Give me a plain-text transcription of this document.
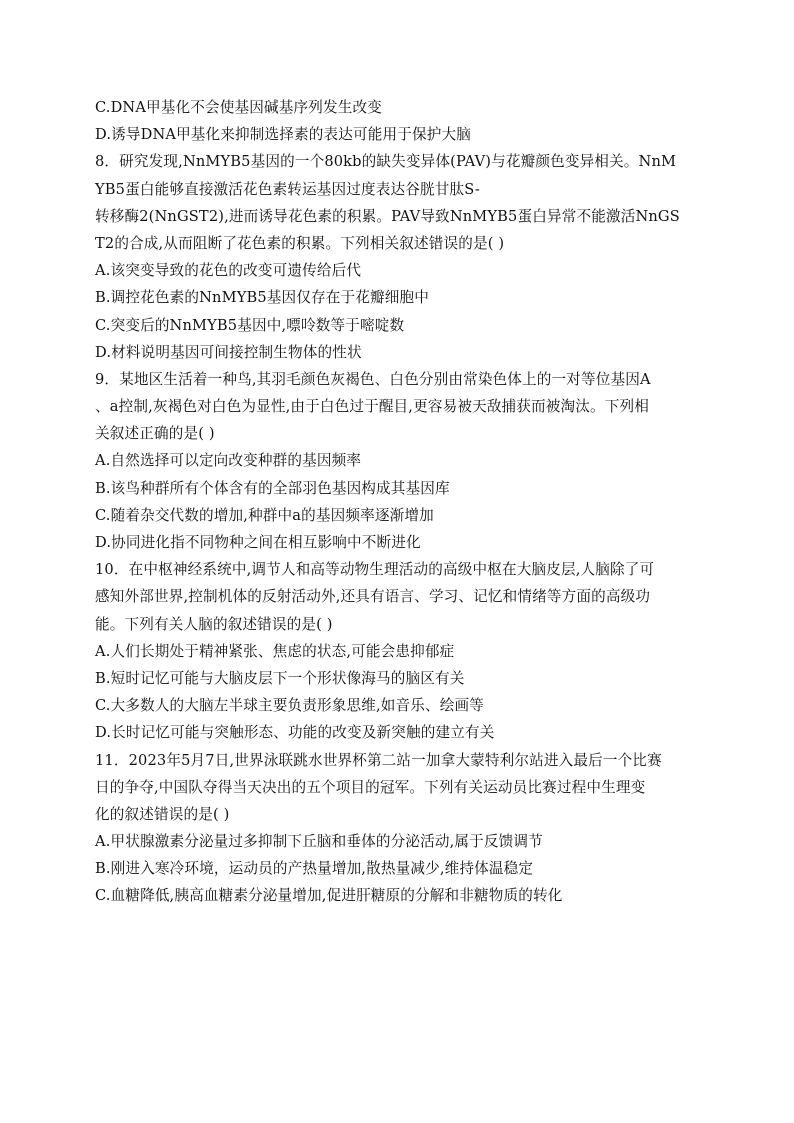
C.DNA甲基化不会使基因碱基序列发生改变
D.诱导DNA甲基化来抑制选择素的表达可能用于保护大脑
8．研究发现,NnMYB5基因的一个80kb的缺失变异体(PAV)与花瓣颜色变异相关。NnM
YB5蛋白能够直接激活花色素转运基因过度表达谷胱甘肽S-
转移酶2(NnGST2),进而诱导花色素的积累。PAV导致NnMYB5蛋白异常不能激活NnGS
T2的合成,从而阻断了花色素的积累。下列相关叙述错误的是( )
A.该突变导致的花色的改变可遗传给后代
B.调控花色素的NnMYB5基因仅存在于花瓣细胞中
C.突变后的NnMYB5基因中,嘌呤数等于嘧啶数
D.材料说明基因可间接控制生物体的性状
9．某地区生活着一种鸟,其羽毛颜色灰褐色、白色分别由常染色体上的一对等位基因A
、a控制,灰褐色对白色为显性,由于白色过于醒目,更容易被天敌捕获而被淘汰。下列相
关叙述正确的是( )
A.自然选择可以定向改变种群的基因频率
B.该鸟种群所有个体含有的全部羽色基因构成其基因库
C.随着杂交代数的增加,种群中a的基因频率逐渐增加
D.协同进化指不同物种之间在相互影响中不断进化
10．在中枢神经系统中,调节人和高等动物生理活动的高级中枢在大脑皮层,人脑除了可
感知外部世界,控制机体的反射活动外,还具有语言、学习、记忆和情绪等方面的高级功
能。下列有关人脑的叙述错误的是( )
A.人们长期处于精神紧张、焦虑的状态,可能会患抑郁症
B.短时记忆可能与大脑皮层下一个形状像海马的脑区有关
C.大多数人的大脑左半球主要负责形象思维,如音乐、绘画等
D.长时记忆可能与突触形态、功能的改变及新突触的建立有关
11．2023年5月7日,世界泳联跳水世界杯第二站一加拿大蒙特利尔站进入最后一个比赛
日的争夺,中国队夺得当天决出的五个项目的冠军。下列有关运动员比赛过程中生理变
化的叙述错误的是( )
A.甲状腺激素分泌量过多抑制下丘脑和垂体的分泌活动,属于反馈调节
B.刚进入寒冷环境，运动员的产热量增加,散热量减少,维持体温稳定
C.血糖降低,胰高血糖素分泌量增加,促进肝糖原的分解和非糖物质的转化
